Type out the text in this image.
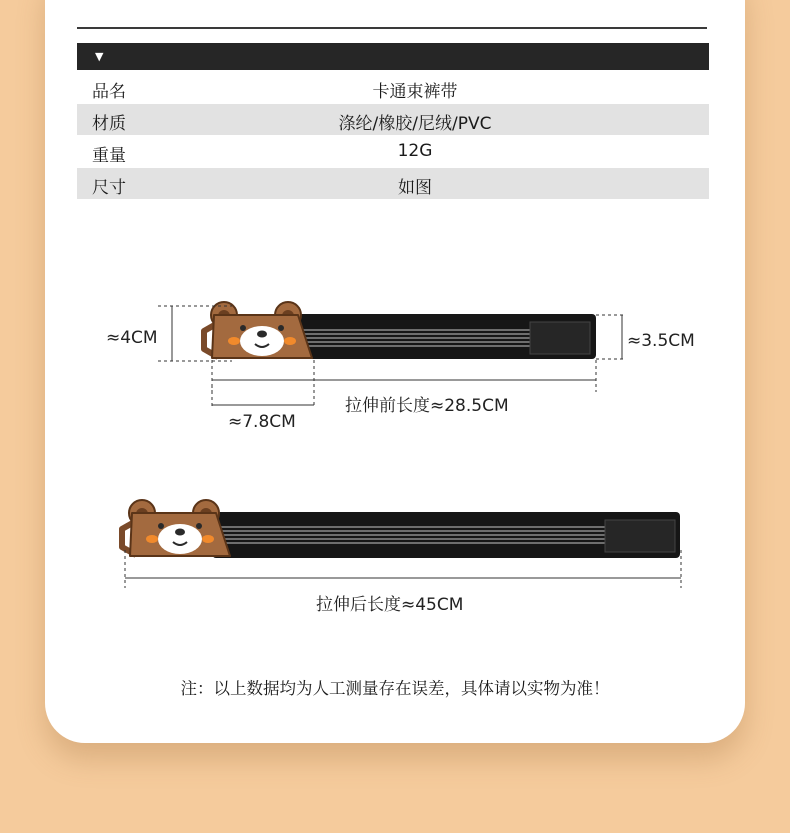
▼
品名	卡通束裤带
材质	涤纶/橡胶/尼绒/PVC
重量	12G
尺寸	如图
≈4CM	≈3.5CM
拉伸前长度≈28.5CM
≈7.8CM
拉伸后长度≈45CM
注：以上数据均为人工测量存在误差，具体请以实物为准！
